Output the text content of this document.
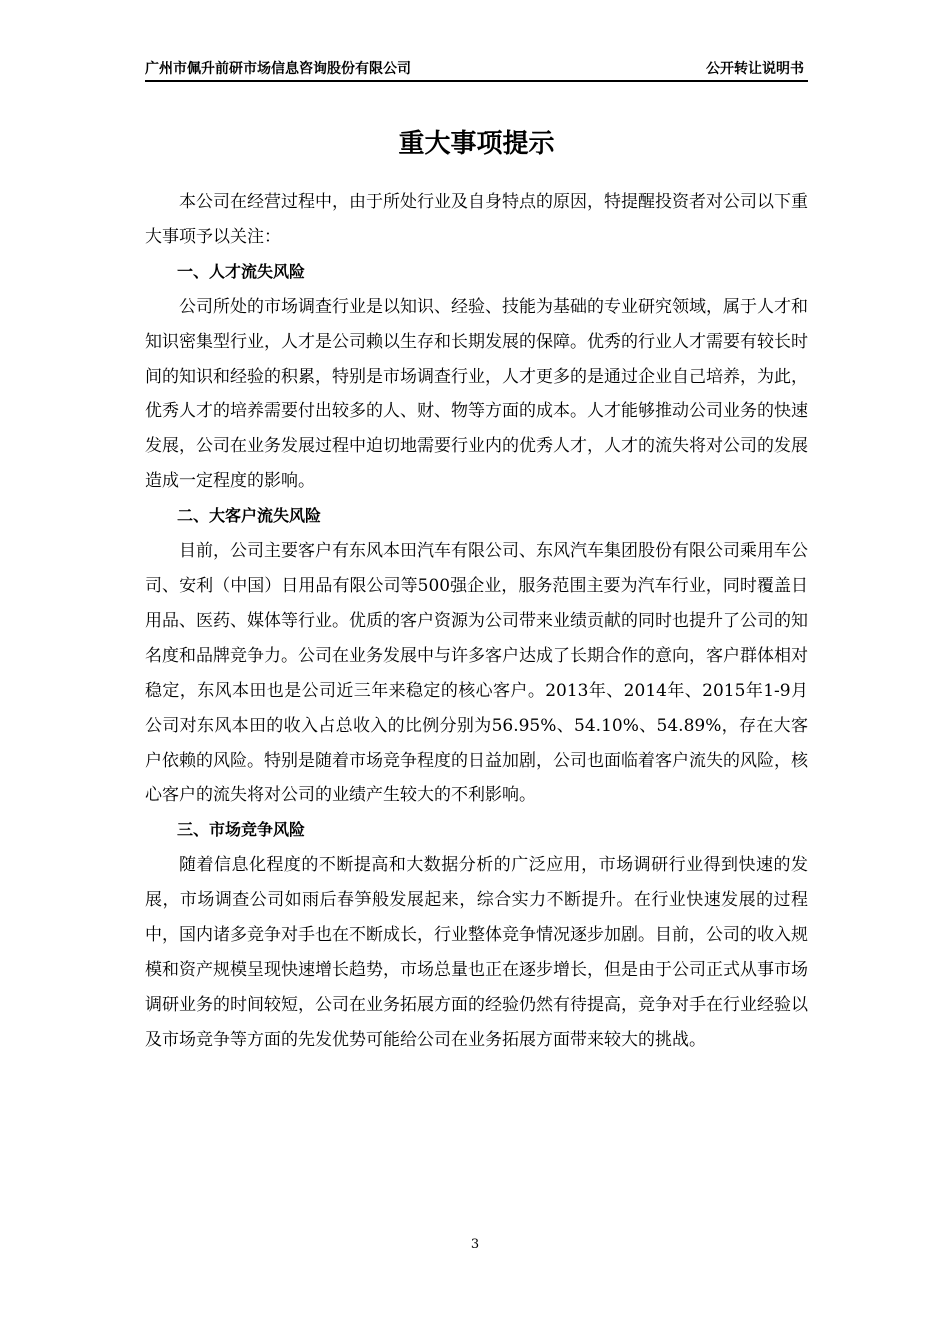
广州市佩升前研市场信息咨询股份有限公司	公开转让说明书
重大事项提示

本公司在经营过程中，由于所处行业及自身特点的原因，特提醒投资者对公司以下重大事项予以关注：

一、人才流失风险

公司所处的市场调查行业是以知识、经验、技能为基础的专业研究领域，属于人才和知识密集型行业，人才是公司赖以生存和长期发展的保障。优秀的行业人才需要有较长时间的知识和经验的积累，特别是市场调查行业，人才更多的是通过企业自己培养，为此，优秀人才的培养需要付出较多的人、财、物等方面的成本。人才能够推动公司业务的快速发展，公司在业务发展过程中迫切地需要行业内的优秀人才，人才的流失将对公司的发展造成一定程度的影响。

二、大客户流失风险

目前，公司主要客户有东风本田汽车有限公司、东风汽车集团股份有限公司乘用车公司、安利（中国）日用品有限公司等500强企业，服务范围主要为汽车行业，同时覆盖日用品、医药、媒体等行业。优质的客户资源为公司带来业绩贡献的同时也提升了公司的知名度和品牌竞争力。公司在业务发展中与许多客户达成了长期合作的意向，客户群体相对稳定，东风本田也是公司近三年来稳定的核心客户。2013年、2014年、2015年1-9月公司对东风本田的收入占总收入的比例分别为56.95%、54.10%、54.89%，存在大客户依赖的风险。特别是随着市场竞争程度的日益加剧，公司也面临着客户流失的风险，核心客户的流失将对公司的业绩产生较大的不利影响。

三、市场竞争风险

随着信息化程度的不断提高和大数据分析的广泛应用，市场调研行业得到快速的发展，市场调查公司如雨后春笋般发展起来，综合实力不断提升。在行业快速发展的过程中，国内诸多竞争对手也在不断成长，行业整体竞争情况逐步加剧。目前，公司的收入规模和资产规模呈现快速增长趋势，市场总量也正在逐步增长，但是由于公司正式从事市场调研业务的时间较短，公司在业务拓展方面的经验仍然有待提高，竞争对手在行业经验以及市场竞争等方面的先发优势可能给公司在业务拓展方面带来较大的挑战。

3
